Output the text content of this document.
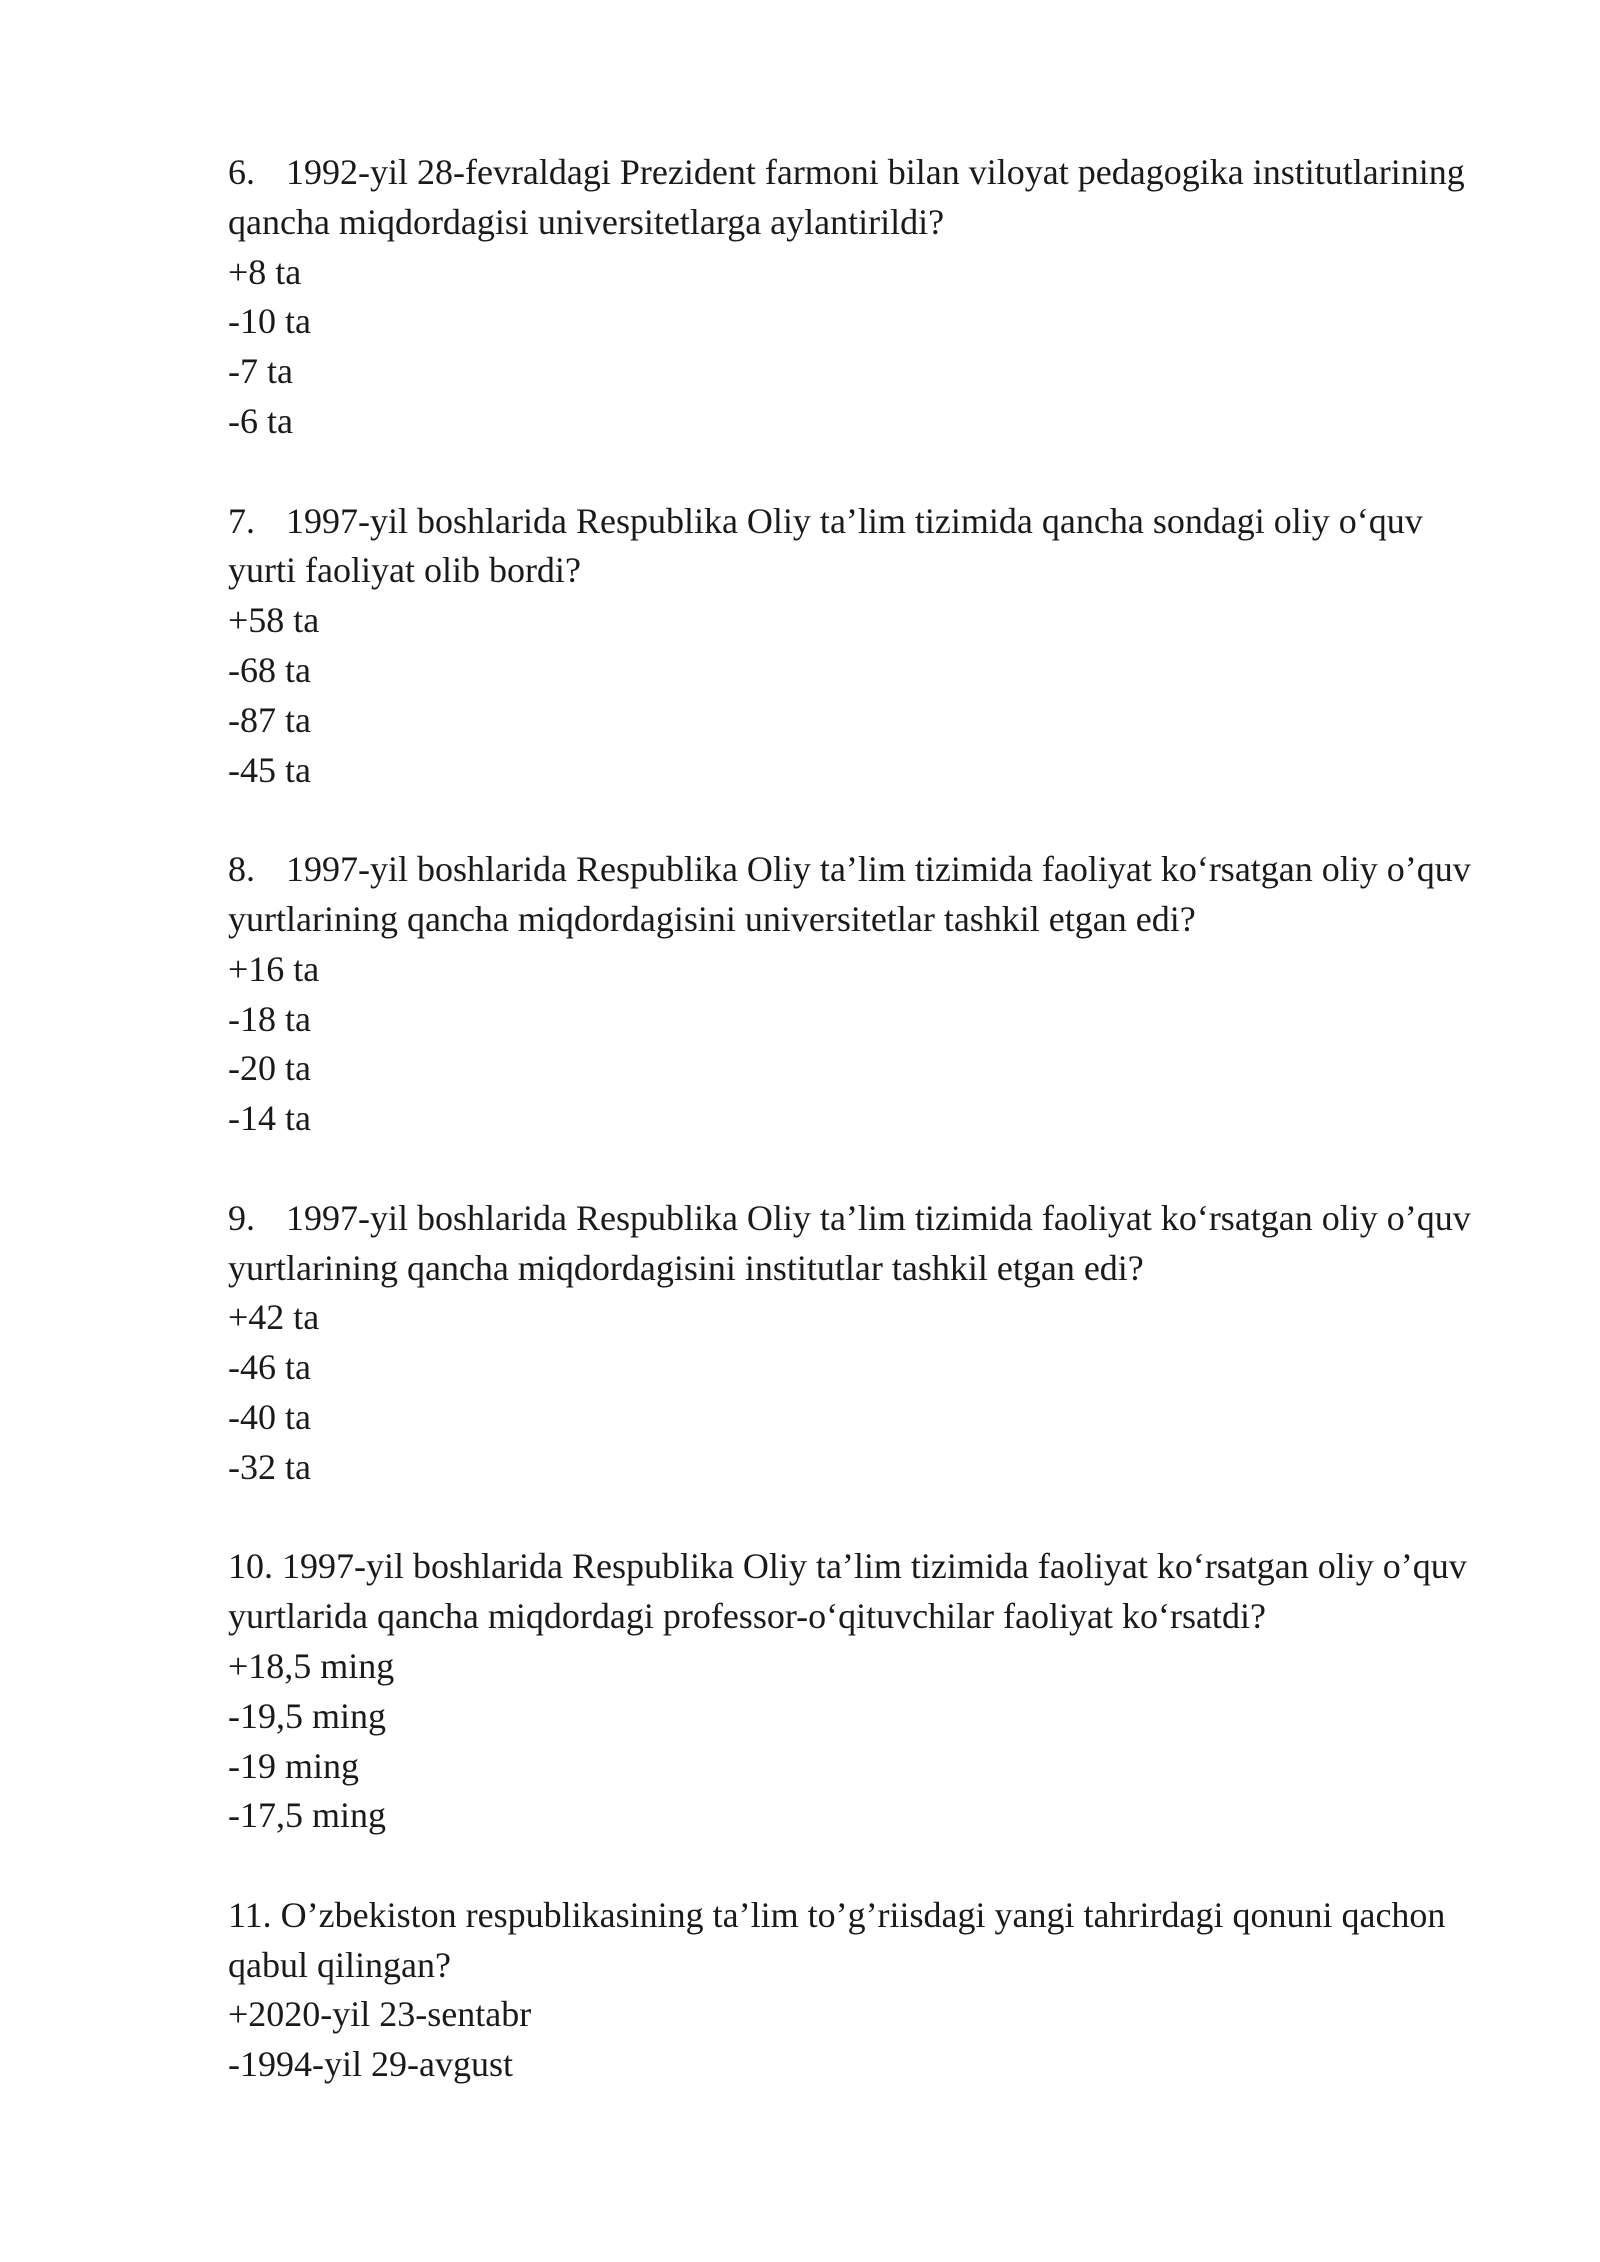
6. 1992-yil 28-fevraldagi Prezident farmoni bilan viloyat pedagogika institutlarining qancha miqdordagisi universitetlarga aylantirildi?

+8 ta

-10 ta

-7 ta

-6 ta

7. 1997-yil boshlarida Respublika Oliy ta’lim tizimida qancha sondagi oliy o‘quv yurti faoliyat olib bordi?

+58 ta

-68 ta

-87 ta

-45 ta

8. 1997-yil boshlarida Respublika Oliy ta’lim tizimida faoliyat ko‘rsatgan oliy o’quv yurtlarining qancha miqdordagisini universitetlar tashkil etgan edi?

+16 ta

-18 ta

-20 ta

-14 ta

9. 1997-yil boshlarida Respublika Oliy ta’lim tizimida faoliyat ko‘rsatgan oliy o’quv yurtlarining qancha miqdordagisini institutlar tashkil etgan edi?

+42 ta

-46 ta

-40 ta

-32 ta

10. 1997-yil boshlarida Respublika Oliy ta’lim tizimida faoliyat ko‘rsatgan oliy o’quv yurtlarida qancha miqdordagi professor-o‘qituvchilar faoliyat ko‘rsatdi?

+18,5 ming

-19,5 ming

-19 ming

-17,5 ming

11. O’zbekiston respublikasining ta’lim to’g’riisdagi yangi tahrirdagi qonuni qachon qabul qilingan?

+2020-yil 23-sentabr

-1994-yil 29-avgust
